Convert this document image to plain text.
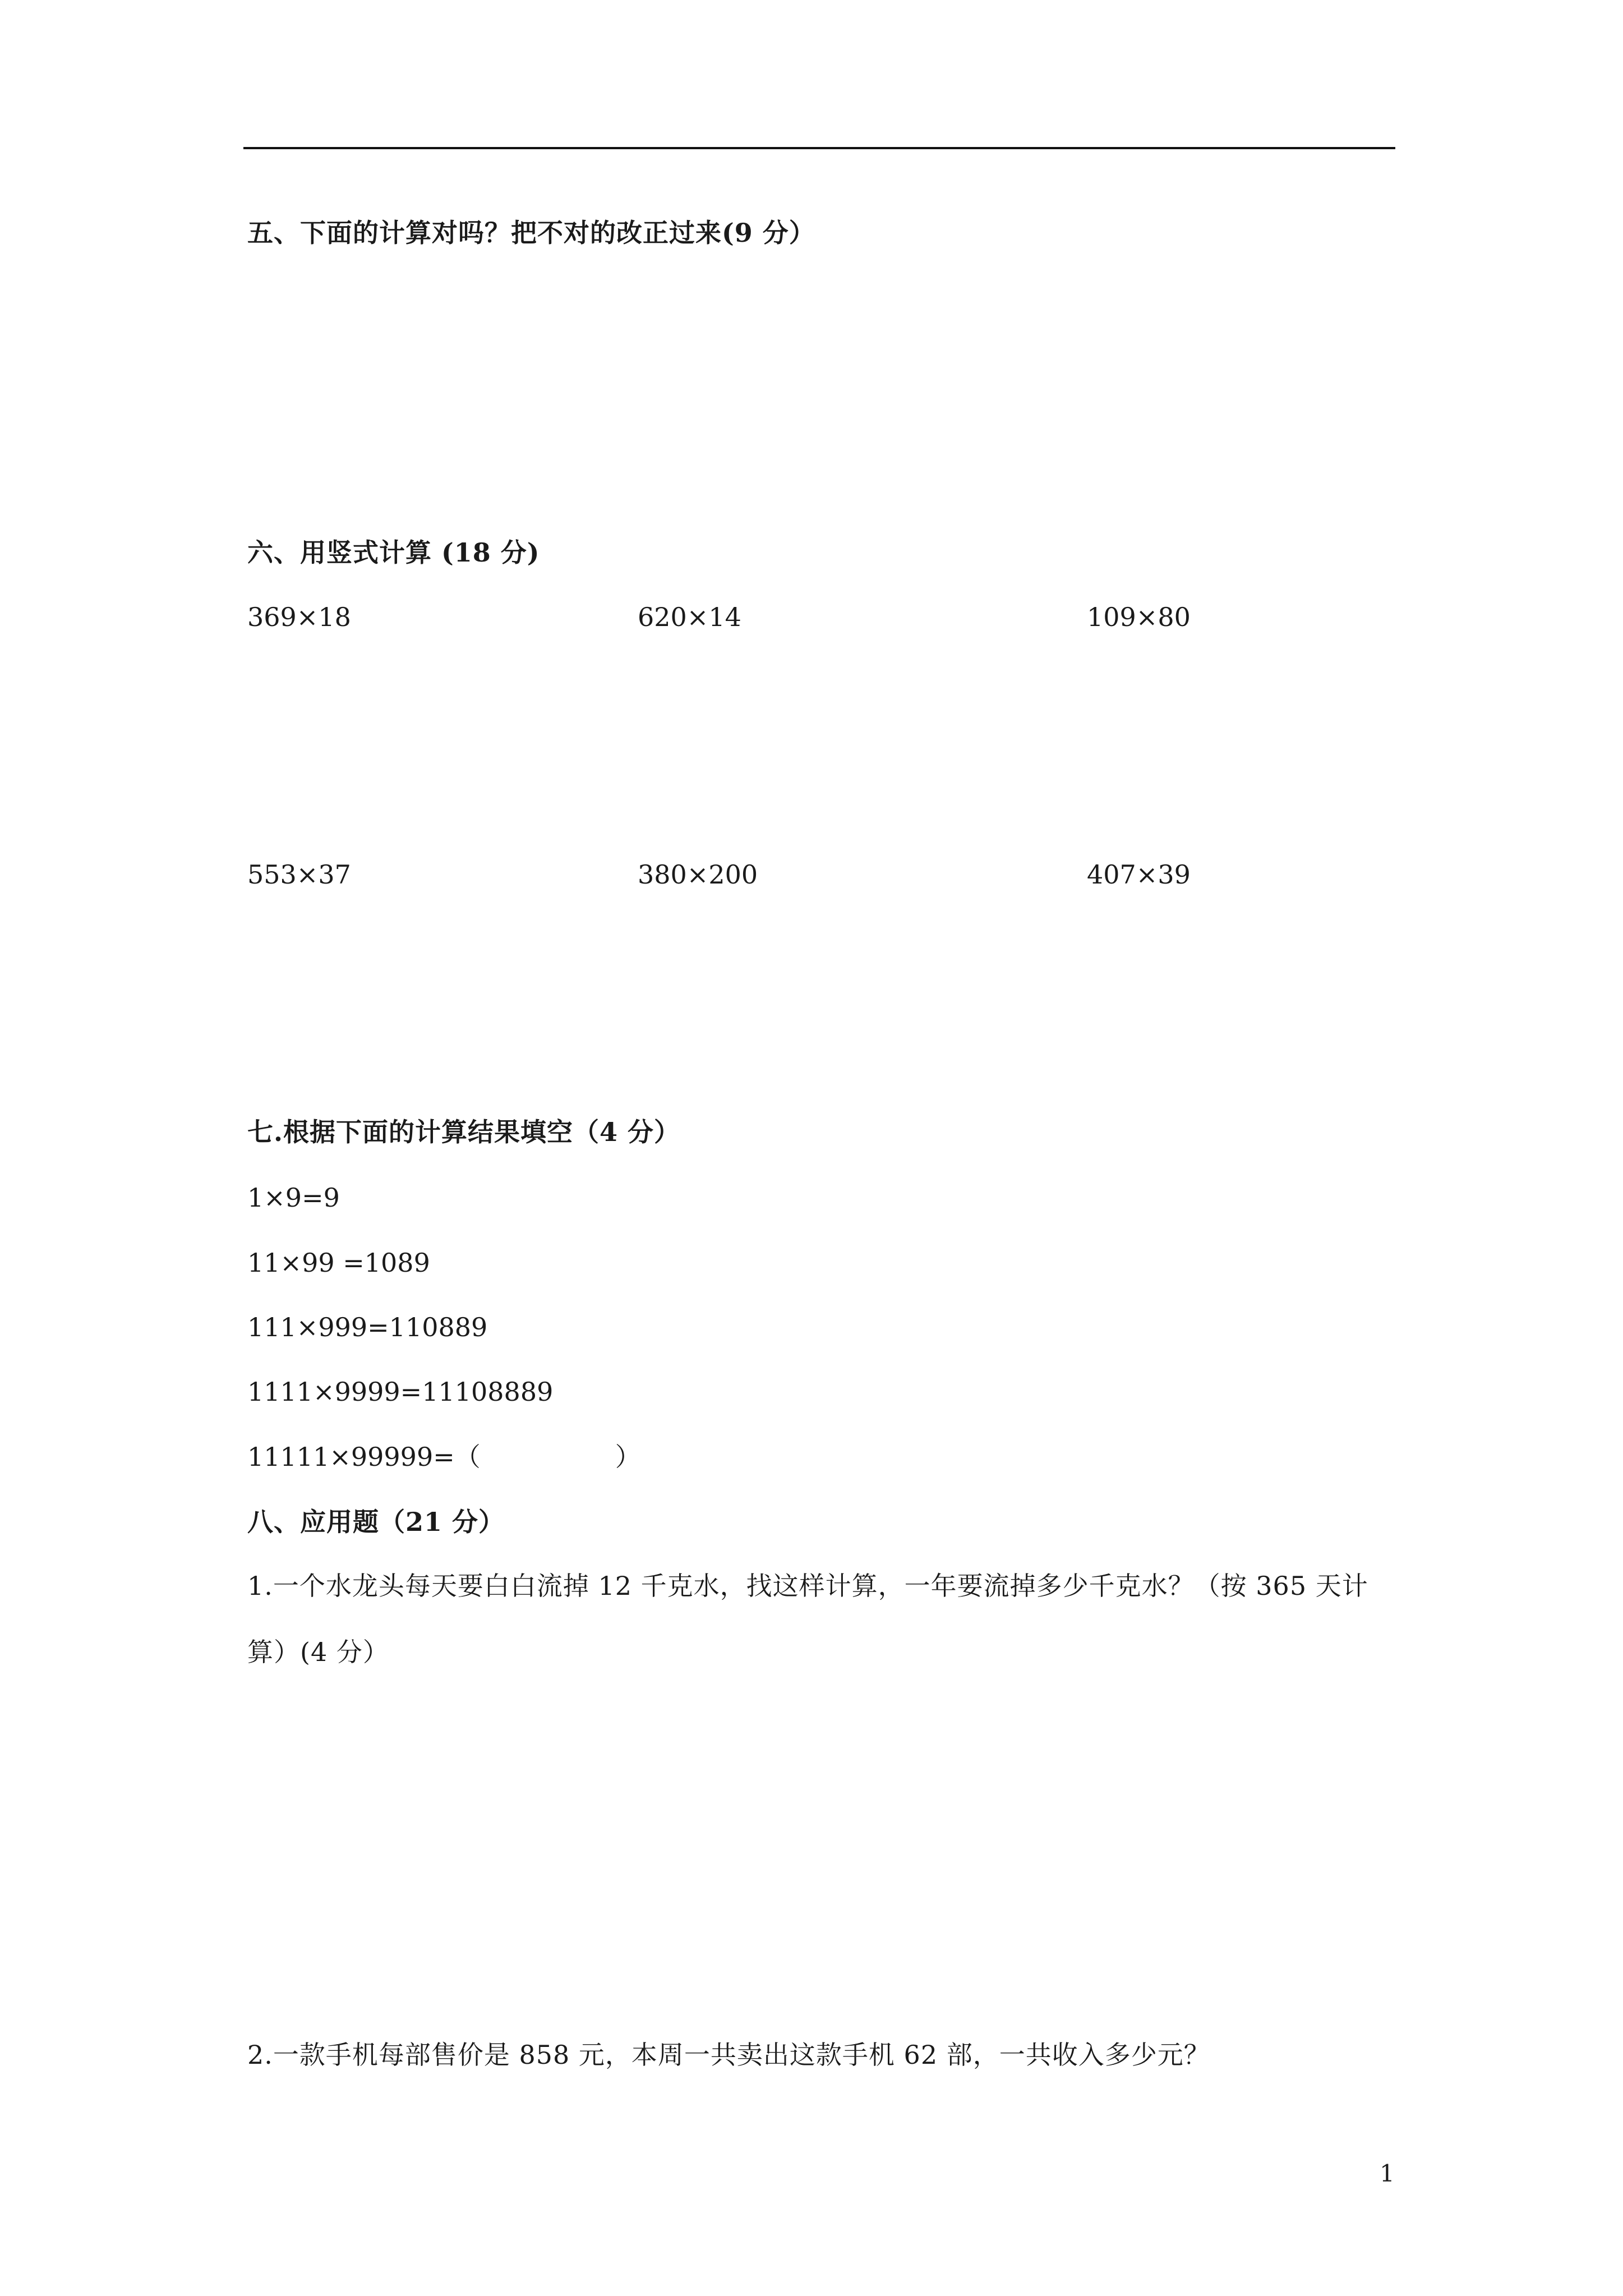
五、下面的计算对吗？把不对的改正过来(9 分）
六、用竖式计算 (18 分)
369×18	620×14	109×80
553×37	380×200	407×39
七.根据下面的计算结果填空（4 分）
1×9=9
11×99 =1089
111×999=110889
1111×9999=11108889
11111×99999=（	）
八、应用题（21 分）
1.一个水龙头每天要白白流掉 12 千克水，找这样计算，一年要流掉多少千克水？（按 365 天计算）(4 分）
2.一款手机每部售价是 858 元，本周一共卖出这款手机 62 部，一共收入多少元？
1
